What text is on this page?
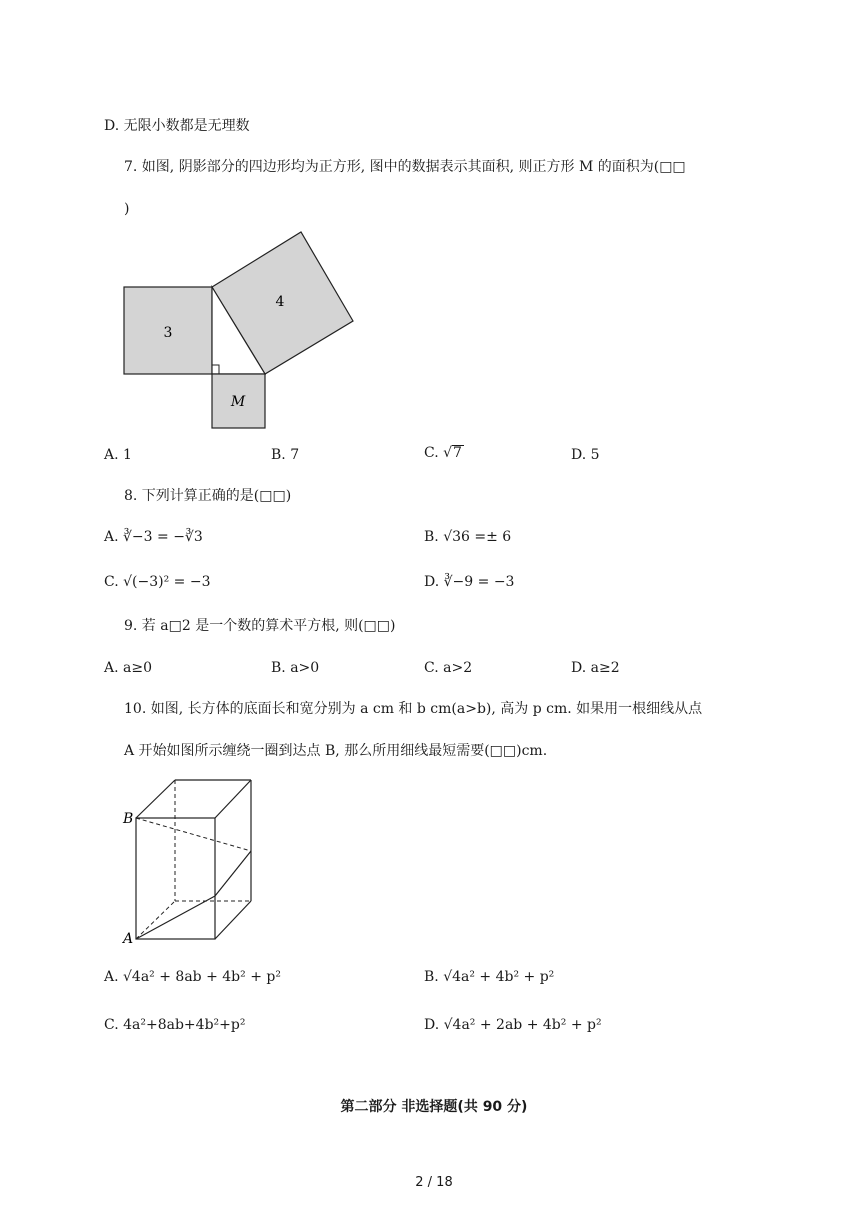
D. 无限小数都是无理数
7. 如图, 阴影部分的四边形均为正方形, 图中的数据表示其面积, 则正方形 M 的面积为(□□
)
3
4
M
A. 1	B. 7	C. √7	D. 5
8. 下列计算正确的是(□□)
A. ∛−3 = −∛3	B. √36 =± 6
C. √(−3)² = −3	D. ∛−9 = −3
9. 若 a□2 是一个数的算术平方根, 则(□□)
A. a≥0	B. a>0	C. a>2	D. a≥2
10. 如图, 长方体的底面长和宽分别为 a cm 和 b cm(a>b), 高为 p cm. 如果用一根细线从点
A 开始如图所示缠绕一圈到达点 B, 那么所用细线最短需要(□□)cm.
B
A
A. √4a² + 8ab + 4b² + p²	B. √4a² + 4b² + p²
C. 4a²+8ab+4b²+p²	D. √4a² + 2ab + 4b² + p²
第二部分 非选择题(共 90 分)
2 / 18
